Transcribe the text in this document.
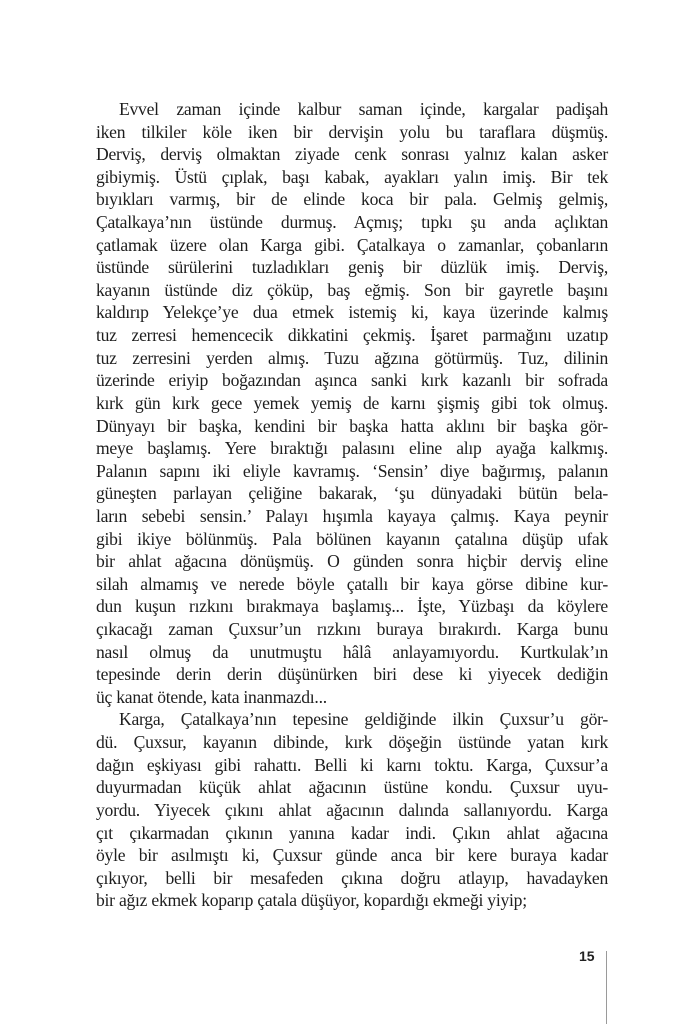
Evvel zaman içinde kalbur saman içinde, kargalar padişah
iken tilkiler köle iken bir dervişin yolu bu taraflara düşmüş.
Derviş, derviş olmaktan ziyade cenk sonrası yalnız kalan asker
gibiymiş. Üstü çıplak, başı kabak, ayakları yalın imiş. Bir tek
bıyıkları varmış, bir de elinde koca bir pala. Gelmiş gelmiş,
Çatalkaya’nın üstünde durmuş. Açmış; tıpkı şu anda açlıktan
çatlamak üzere olan Karga gibi. Çatalkaya o zamanlar, çobanların
üstünde sürülerini tuzladıkları geniş bir düzlük imiş. Derviş,
kayanın üstünde diz çöküp, baş eğmiş. Son bir gayretle başını
kaldırıp Yelekçe’ye dua etmek istemiş ki, kaya üzerinde kalmış
tuz zerresi hemencecik dikkatini çekmiş. İşaret parmağını uzatıp
tuz zerresini yerden almış. Tuzu ağzına götürmüş. Tuz, dilinin
üzerinde eriyip boğazından aşınca sanki kırk kazanlı bir sofrada
kırk gün kırk gece yemek yemiş de karnı şişmiş gibi tok olmuş.
Dünyayı bir başka, kendini bir başka hatta aklını bir başka gör-
meye başlamış. Yere bıraktığı palasını eline alıp ayağa kalkmış.
Palanın sapını iki eliyle kavramış. ‘Sensin’ diye bağırmış, palanın
güneşten parlayan çeliğine bakarak, ‘şu dünyadaki bütün bela-
ların sebebi sensin.’ Palayı hışımla kayaya çalmış. Kaya peynir
gibi ikiye bölünmüş. Pala bölünen kayanın çatalına düşüp ufak
bir ahlat ağacına dönüşmüş. O günden sonra hiçbir derviş eline
silah almamış ve nerede böyle çatallı bir kaya görse dibine kur-
dun kuşun rızkını bırakmaya başlamış... İşte, Yüzbaşı da köylere
çıkacağı zaman Çuxsur’un rızkını buraya bırakırdı. Karga bunu
nasıl olmuş da unutmuştu hâlâ anlayamıyordu. Kurtkulak’ın
tepesinde derin derin düşünürken biri dese ki yiyecek dediğin
üç kanat ötende, kata inanmazdı...
Karga, Çatalkaya’nın tepesine geldiğinde ilkin Çuxsur’u gör-
dü. Çuxsur, kayanın dibinde, kırk döşeğin üstünde yatan kırk
dağın eşkiyası gibi rahattı. Belli ki karnı toktu. Karga, Çuxsur’a
duyurmadan küçük ahlat ağacının üstüne kondu. Çuxsur uyu-
yordu. Yiyecek çıkını ahlat ağacının dalında sallanıyordu. Karga
çıt çıkarmadan çıkının yanına kadar indi. Çıkın ahlat ağacına
öyle bir asılmıştı ki, Çuxsur günde anca bir kere buraya kadar
çıkıyor, belli bir mesafeden çıkına doğru atlayıp, havadayken
bir ağız ekmek koparıp çatala düşüyor, kopardığı ekmeği yiyip;
15
